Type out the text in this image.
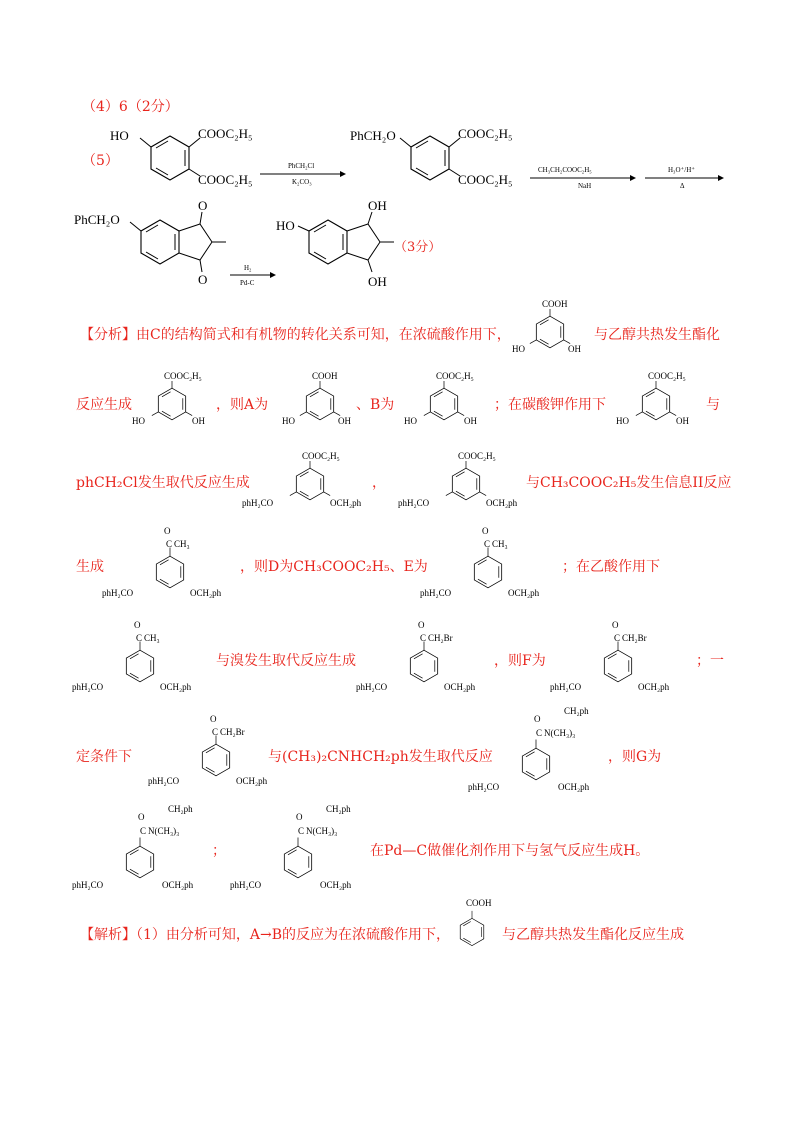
（4）6（2分）
（5）
HO	COOC₂H₅
COOC₂H₅
PhCH₂Cl
K₂CO₃
PhCH₂O	COOC₂H₅
COOC₂H₅
CH₃CH₂COOC₂H₅
NaH
H₃O⁺/H⁺
Δ
PhCH₂O
O
O
H₂
Pd-C
HO
OH
OH
（3分）
【分析】由C的结构简式和有机物的转化关系可知，在浓硫酸作用下，
COOH
HO	OH
与乙醇共热发生酯化
反应生成
COOC₂H₅
HO	OH
，则A为
COOH
HO	OH
、B为
COOC₂H₅
HO	OH
；在碳酸钾作用下
COOC₂H₅
HO	OH
与
phCH₂Cl发生取代反应生成
COOC₂H₅
phH₂CO	OCH₂ph
，
COOC₂H₅
phH₂CO	OCH₂ph
与CH₃COOC₂H₅发生信息II反应
生成
O
C CH₃
phH₂CO	OCH₂ph
，则D为CH₃COOC₂H₅、E为
O
C CH₃
phH₂CO	OCH₂ph
；在乙酸作用下
O
C CH₃
phH₂CO	OCH₂ph
与溴发生取代反应生成
O
C CH₂Br
phH₂CO	OCH₂ph
，则F为
O
C CH₂Br
phH₂CO	OCH₂ph
；一
定条件下
O
C CH₂Br
phH₂CO	OCH₂ph
与(CH₃)₂CNHCH₂ph发生取代反应
O
C N(CH₃)₃
CH₂ph
phH₂CO	OCH₂ph
，则G为
O
C N(CH₃)₃
CH₂ph
phH₂CO	OCH₂ph
；
O
C N(CH₃)₃
CH₂ph
phH₂CO	OCH₂ph
在Pd—C做催化剂作用下与氢气反应生成H。
【解析】（1）由分析可知，A→B的反应为在浓硫酸作用下，
COOH
与乙醇共热发生酯化反应生成
